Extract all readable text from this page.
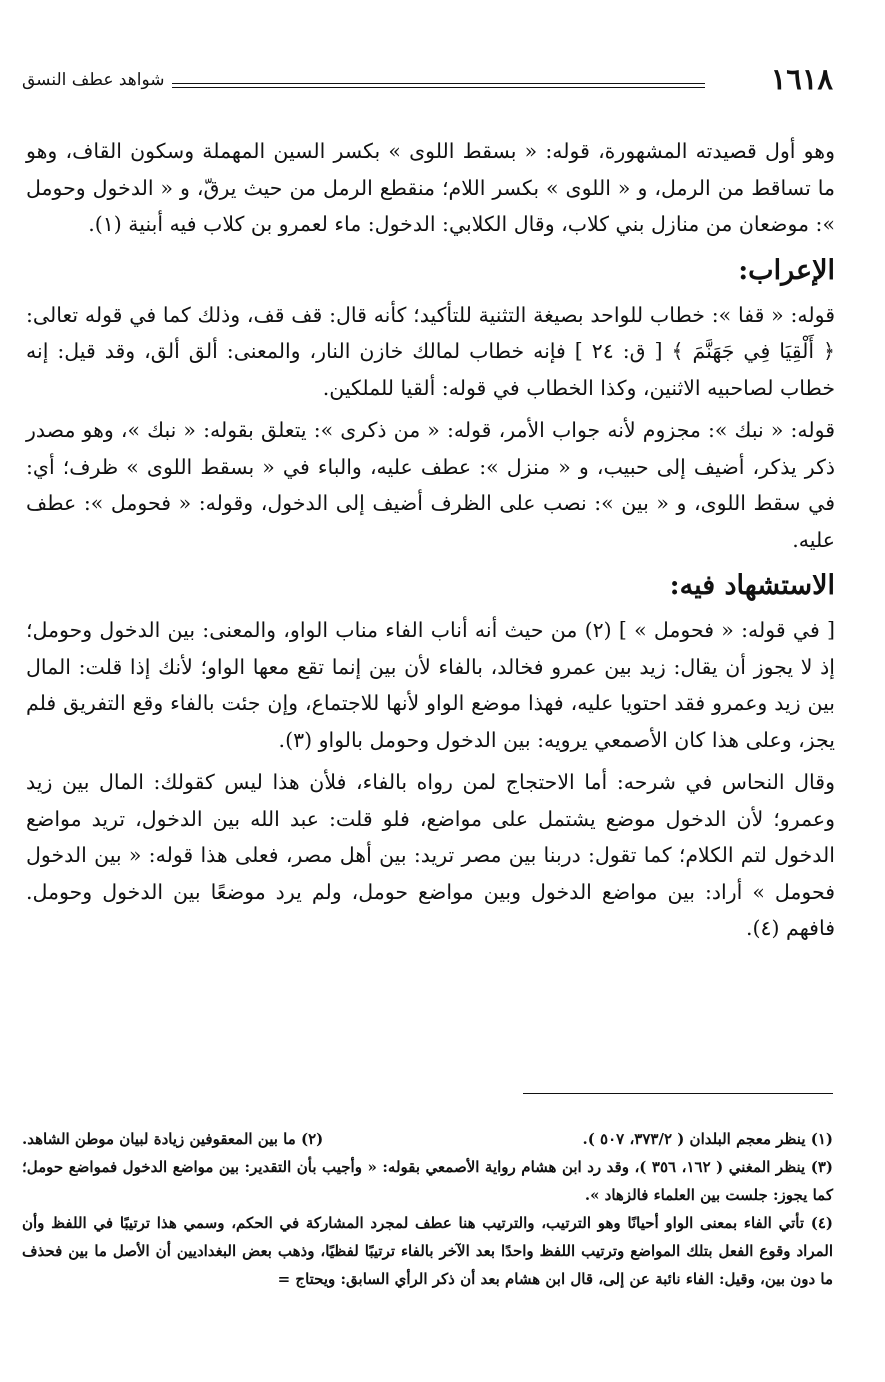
١٦١٨
شواهد عطف النسق

وهو أول قصيدته المشهورة، قوله: « بسقط اللوى » بكسر السين المهملة وسكون القاف، وهو ما تساقط من الرمل، و « اللوى » بكسر اللام؛ منقطع الرمل من حيث يرقّ، و « الدخول وحومل »: موضعان من منازل بني كلاب، وقال الكلابي: الدخول: ماء لعمرو بن كلاب فيه أبنية (١).

الإعراب:

قوله: « قفا »: خطاب للواحد بصيغة التثنية للتأكيد؛ كأنه قال: قف قف، وذلك كما في قوله تعالى: ﴿ أَلْقِيَا فِي جَهَنَّمَ ﴾ [ ق: ٢٤ ] فإنه خطاب لمالك خازن النار، والمعنى: ألق ألق، وقد قيل: إنه خطاب لصاحبيه الاثنين، وكذا الخطاب في قوله: ألقيا للملكين.

قوله: « نبك »: مجزوم لأنه جواب الأمر، قوله: « من ذكرى »: يتعلق بقوله: « نبك »، وهو مصدر ذكر يذكر، أضيف إلى حبيب، و « منزل »: عطف عليه، والباء في « بسقط اللوى » ظرف؛ أي: في سقط اللوى، و « بين »: نصب على الظرف أضيف إلى الدخول، وقوله: « فحومل »: عطف عليه.

الاستشهاد فيه:

[ في قوله: « فحومل » ] (٢) من حيث أنه أناب الفاء مناب الواو، والمعنى: بين الدخول وحومل؛ إذ لا يجوز أن يقال: زيد بين عمرو فخالد، بالفاء لأن بين إنما تقع معها الواو؛ لأنك إذا قلت: المال بين زيد وعمرو فقد احتويا عليه، فهذا موضع الواو لأنها للاجتماع، وإن جئت بالفاء وقع التفريق فلم يجز، وعلى هذا كان الأصمعي يرويه: بين الدخول وحومل بالواو (٣).

وقال النحاس في شرحه: أما الاحتجاج لمن رواه بالفاء، فلأن هذا ليس كقولك: المال بين زيد وعمرو؛ لأن الدخول موضع يشتمل على مواضع، فلو قلت: عبد الله بين الدخول، تريد مواضع الدخول لتم الكلام؛ كما تقول: دربنا بين مصر تريد: بين أهل مصر، فعلى هذا قوله: « بين الدخول فحومل » أراد: بين مواضع الدخول وبين مواضع حومل، ولم يرد موضعًا بين الدخول وحومل. فافهم (٤).

(١) ينظر معجم البلدان ( ٣٧٣/٢، ٥٠٧ ).

(٢) ما بين المعقوفين زيادة لبيان موطن الشاهد.

(٣) ينظر المغني ( ١٦٢، ٣٥٦ )، وقد رد ابن هشام رواية الأصمعي بقوله: « وأجيب بأن التقدير: بين مواضع الدخول فمواضع حومل؛ كما يجوز: جلست بين العلماء فالزهاد ».

(٤) تأتي الفاء بمعنى الواو أحيانًا وهو الترتيب، والترتيب هنا عطف لمجرد المشاركة في الحكم، وسمي هذا ترتيبًا في اللفظ وأن المراد وقوع الفعل بتلك المواضع وترتيب اللفظ واحدًا بعد الآخر بالفاء ترتيبًا لفظيًا، وذهب بعض البغداديين أن الأصل ما بين فحذف ما دون بين، وقيل: الفاء نائبة عن إلى، قال ابن هشام بعد أن ذكر الرأي السابق: ويحتاج =
